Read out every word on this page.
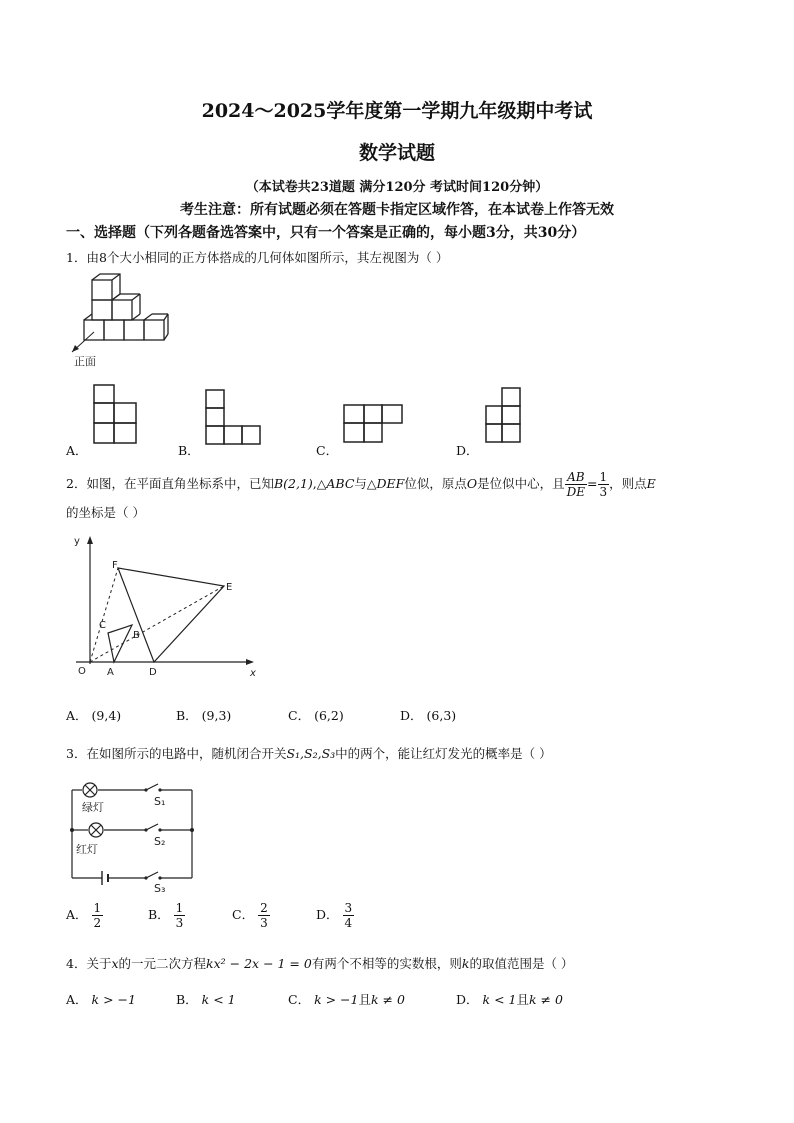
2024～2025学年度第一学期九年级期中考试
数学试题
（本试卷共23道题 满分120分 考试时间120分钟）
考生注意：所有试题必须在答题卡指定区域作答，在本试卷上作答无效
一、选择题（下列各题备选答案中，只有一个答案是正确的，每小题3分，共30分）
1．由8个大小相同的正方体搭成的几何体如图所示，其左视图为（ ）
正面
A．	B．	C．	D．
2．如图，在平面直角坐标系中，已知B(2,1),△ABC与△DEF位似，原点O是位似中心，且 $\frac{AB}{DE} = \frac{1}{3}$ ，则点E
的坐标是（ ）
y
x
O A
B
C
D
E
F
A． (9,4)	B． (9,3)	C． (6,2)	D． (6,3)
3．在如图所示的电路中，随机闭合开关S₁,S₂,S₃中的两个，能让红灯发光的概率是（ ）
绿灯
红灯
S₁
S₂
S₃
A． $\frac{1}{2}$	B． $\frac{1}{3}$	C． $\frac{2}{3}$	D． $\frac{3}{4}$
4．关于x的一元二次方程kx² − 2x − 1 = 0有两个不相等的实数根，则k的取值范围是（ ）
A． k > −1	B． k < 1	C． k > −1且k ≠ 0	D． k < 1且k ≠ 0
